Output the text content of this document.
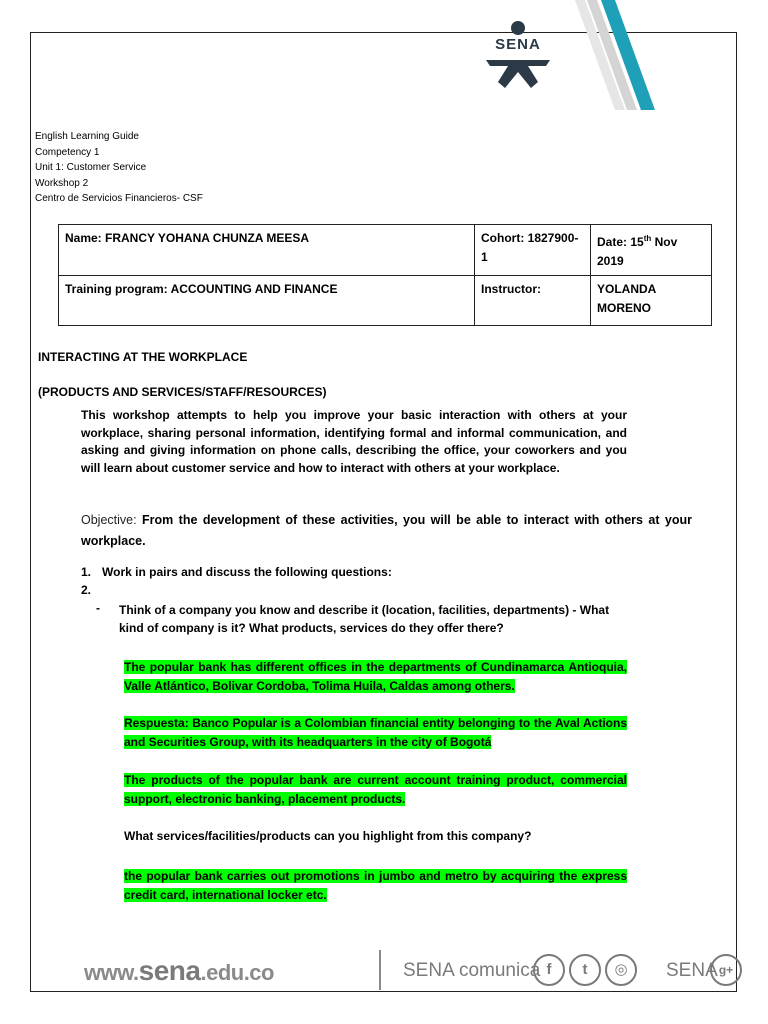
SENA
English Learning Guide
Competency 1
Unit 1: Customer Service
Workshop 2
Centro de Servicios Financieros- CSF
Name: FRANCY YOHANA CHUNZA MEESA	Cohort: 1827900-1	Date: 15th Nov 2019
Training program: ACCOUNTING AND FINANCE	Instructor:	YOLANDA MORENO
INTERACTING AT THE WORKPLACE
(PRODUCTS AND SERVICES/STAFF/RESOURCES)
This workshop attempts to help you improve your basic interaction with others at your workplace, sharing personal information, identifying formal and informal communication, and asking and giving information on phone calls, describing the office, your coworkers and you will learn about customer service and how to interact with others at your workplace.
Objective: From the development of these activities, you will be able to interact with others at your workplace.
1. Work in pairs and discuss the following questions:
2.
- Think of a company you know and describe it (location, facilities, departments) - What kind of company is it? What products, services do they offer there?
The popular bank has different offices in the departments of Cundinamarca Antioquia, Valle Atlántico, Bolivar Cordoba, Tolima Huila, Caldas among others.
Respuesta: Banco Popular is a Colombian financial entity belonging to the Aval Actions and Securities Group, with its headquarters in the city of Bogotá
The products of the popular bank are current account training product, commercial support, electronic banking, placement products.
What services/facilities/products can you highlight from this company?
the popular bank carries out promotions in jumbo and metro by acquiring the express credit card, international locker etc.
www.sena.edu.co	SENA comunica f	t	◎	SENA g+
